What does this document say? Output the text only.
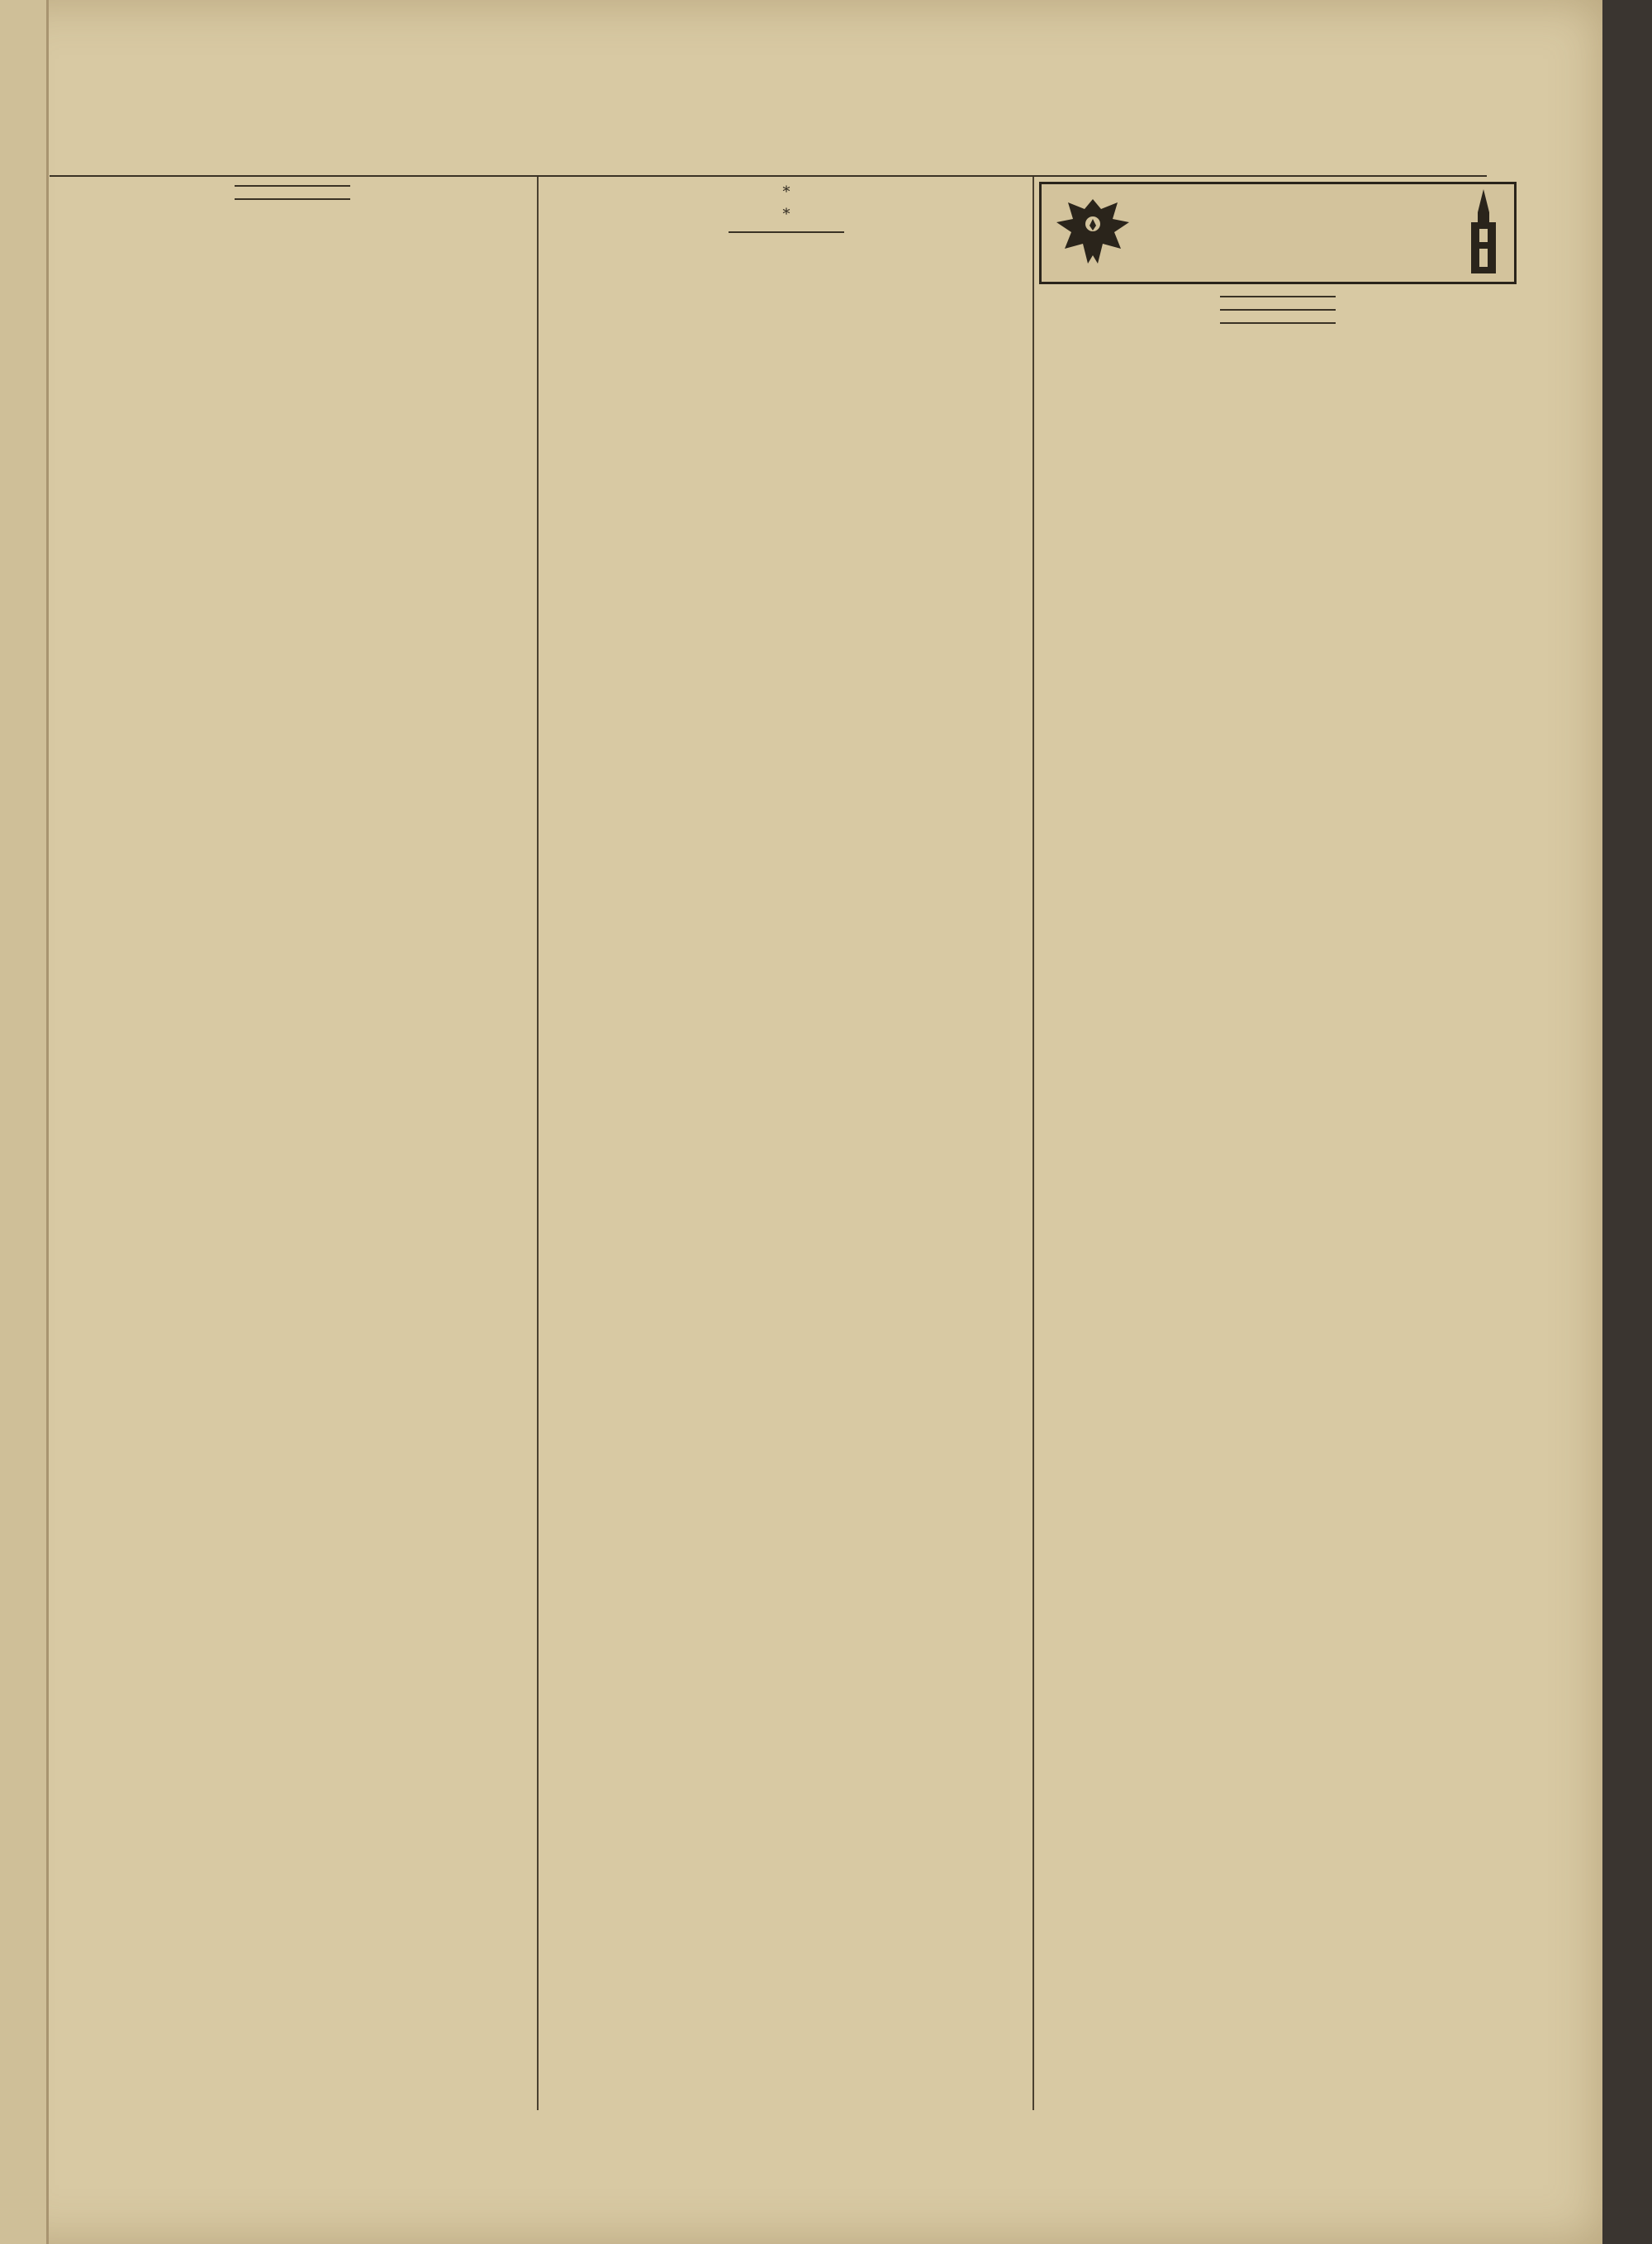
*

*
